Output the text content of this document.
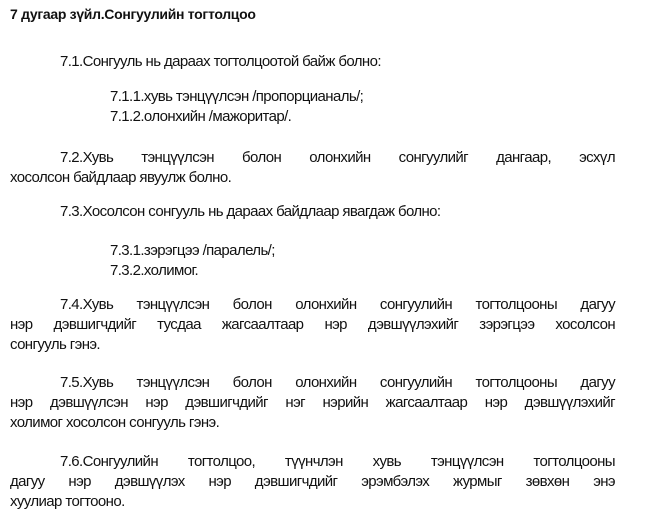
7 дугаар зүйл.Сонгуулийн тогтолцоо
7.1.Сонгууль нь дараах тогтолцоотой байж болно:
7.1.1.хувь тэнцүүлсэн /пропорцианаль/;
7.1.2.олонхийн /мажоритар/.
7.2.Хувь тэнцүүлсэн болон олонхийн сонгуулийг дангаар, эсхүл
хосолсон байдлаар явуулж болно.
7.3.Хосолсон сонгууль нь дараах байдлаар явагдаж болно:
7.3.1.зэрэгцээ /паралель/;
7.3.2.холимог.
7.4.Хувь тэнцүүлсэн болон олонхийн сонгуулийн тогтолцооны дагуу
нэр дэвшигчдийг тусдаа жагсаалтаар нэр дэвшүүлэхийг зэрэгцээ хосолсон
сонгууль гэнэ.
7.5.Хувь тэнцүүлсэн болон олонхийн сонгуулийн тогтолцооны дагуу
нэр дэвшүүлсэн нэр дэвшигчдийг нэг нэрийн жагсаалтаар нэр дэвшүүлэхийг
холимог хосолсон сонгууль гэнэ.
7.6.Сонгуулийн тогтолцоо, түүнчлэн хувь тэнцүүлсэн тогтолцооны
дагуу нэр дэвшүүлэх нэр дэвшигчдийг эрэмбэлэх журмыг зөвхөн энэ
хуулиар тогтооно.
